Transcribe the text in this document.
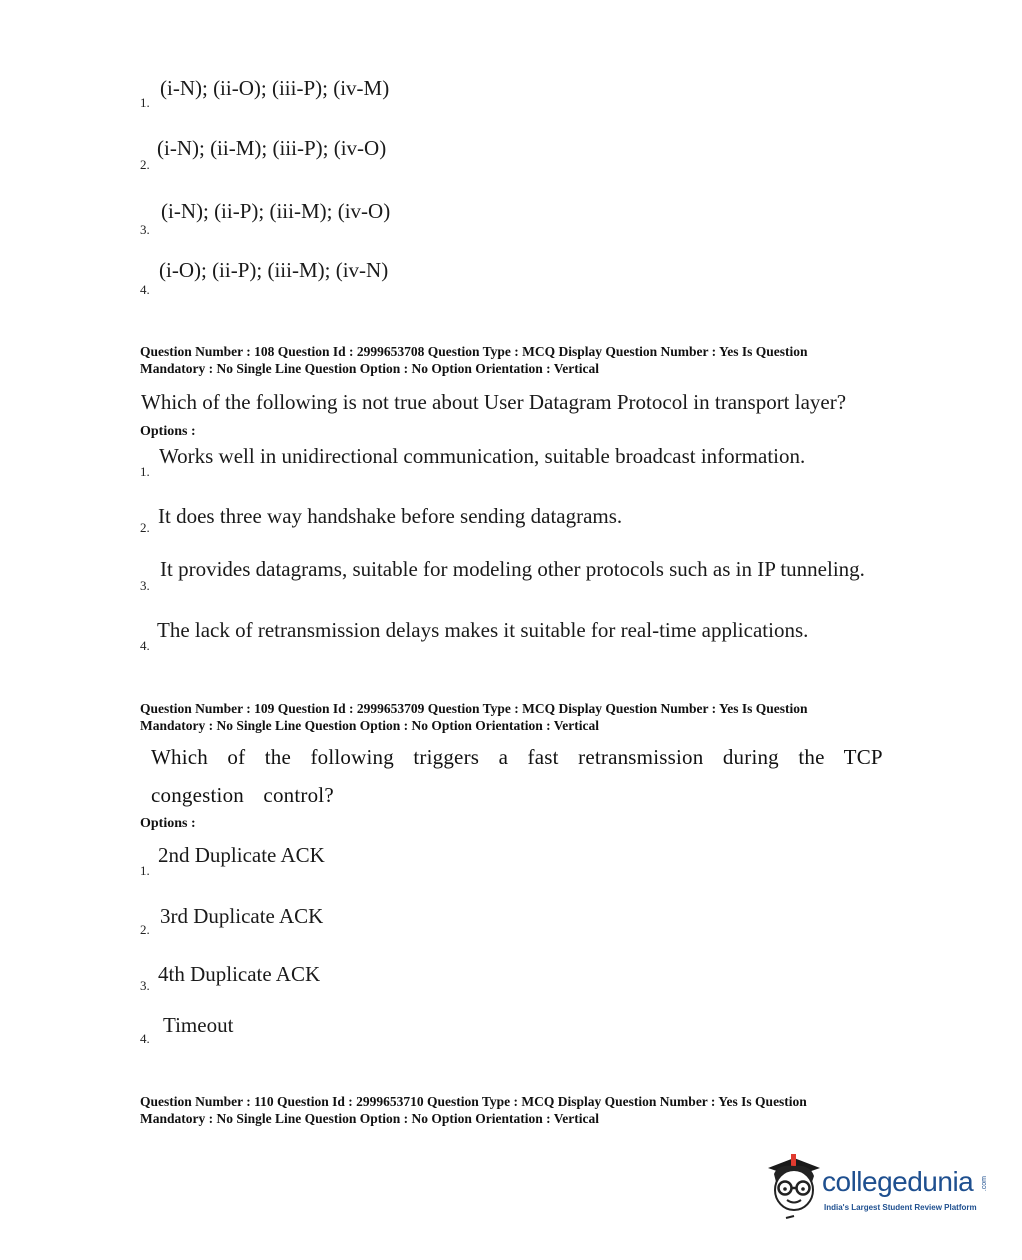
(i-N); (ii-O); (iii-P); (iv-M)
1.
(i-N); (ii-M); (iii-P); (iv-O)
2.
(i-N); (ii-P); (iii-M); (iv-O)
3.
(i-O); (ii-P); (iii-M); (iv-N)
4.
Question Number : 108 Question Id : 2999653708 Question Type : MCQ Display Question Number : Yes Is Question
Mandatory : No Single Line Question Option : No Option Orientation : Vertical
Which of the following is not true about User Datagram Protocol in transport layer?
Options :
Works well in unidirectional communication, suitable broadcast information.
1.
It does three way handshake before sending datagrams.
2.
It provides datagrams, suitable for modeling other protocols such as in IP tunneling.
3.
The lack of retransmission delays makes it suitable for real-time applications.
4.
Question Number : 109 Question Id : 2999653709 Question Type : MCQ Display Question Number : Yes Is Question
Mandatory : No Single Line Question Option : No Option Orientation : Vertical
Which of the following triggers a fast retransmission during the TCP congestion control?
Options :
2nd Duplicate ACK
1.
3rd Duplicate ACK
2.
4th Duplicate ACK
3.
Timeout
4.
Question Number : 110 Question Id : 2999653710 Question Type : MCQ Display Question Number : Yes Is Question
Mandatory : No Single Line Question Option : No Option Orientation : Vertical
collegedunia .com
India's Largest Student Review Platform
